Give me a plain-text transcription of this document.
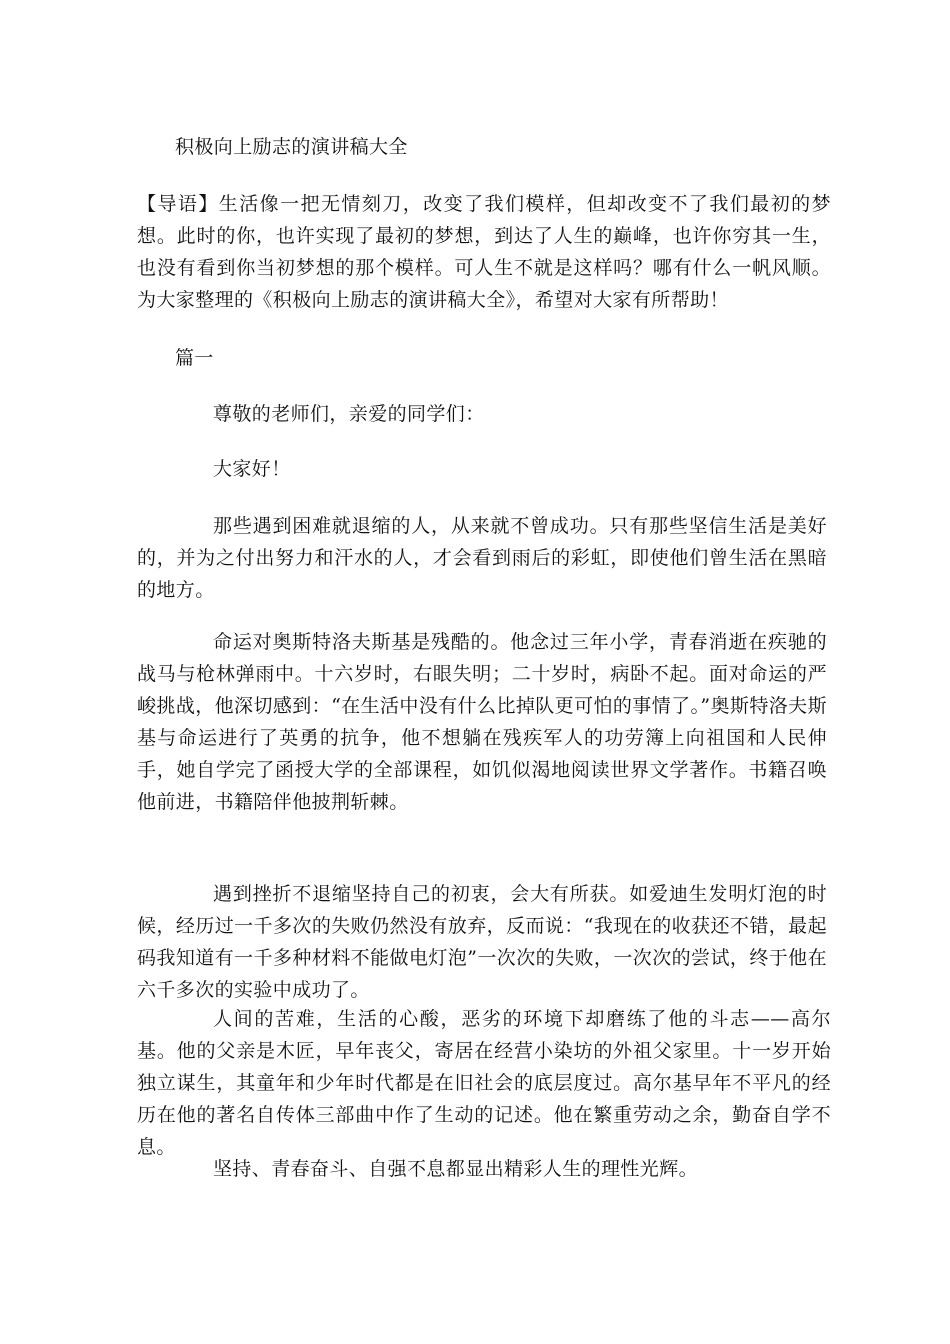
积极向上励志的演讲稿大全
【导语】生活像一把无情刻刀，改变了我们模样，但却改变不了我们最初的梦想。此时的你，也许实现了最初的梦想，到达了人生的巅峰，也许你穷其一生，也没有看到你当初梦想的那个模样。可人生不就是这样吗？哪有什么一帆风顺。为大家整理的《积极向上励志的演讲稿大全》，希望对大家有所帮助！
篇一
尊敬的老师们，亲爱的同学们：
大家好！
那些遇到困难就退缩的人，从来就不曾成功。只有那些坚信生活是美好的，并为之付出努力和汗水的人，才会看到雨后的彩虹，即使他们曾生活在黑暗的地方。
命运对奥斯特洛夫斯基是残酷的。他念过三年小学，青春消逝在疾驰的战马与枪林弹雨中。十六岁时，右眼失明；二十岁时，病卧不起。面对命运的严峻挑战，他深切感到：“在生活中没有什么比掉队更可怕的事情了。”奥斯特洛夫斯基与命运进行了英勇的抗争，他不想躺在残疾军人的功劳簿上向祖国和人民伸手，她自学完了函授大学的全部课程，如饥似渴地阅读世界文学著作。书籍召唤他前进，书籍陪伴他披荆斩棘。
遇到挫折不退缩坚持自己的初衷，会大有所获。如爱迪生发明灯泡的时候，经历过一千多次的失败仍然没有放弃，反而说：“我现在的收获还不错，最起码我知道有一千多种材料不能做电灯泡”一次次的失败，一次次的尝试，终于他在六千多次的实验中成功了。
人间的苦难，生活的心酸，恶劣的环境下却磨练了他的斗志——高尔基。他的父亲是木匠，早年丧父，寄居在经营小染坊的外祖父家里。十一岁开始独立谋生，其童年和少年时代都是在旧社会的底层度过。高尔基早年不平凡的经历在他的著名自传体三部曲中作了生动的记述。他在繁重劳动之余，勤奋自学不息。
坚持、青春奋斗、自强不息都显出精彩人生的理性光辉。
